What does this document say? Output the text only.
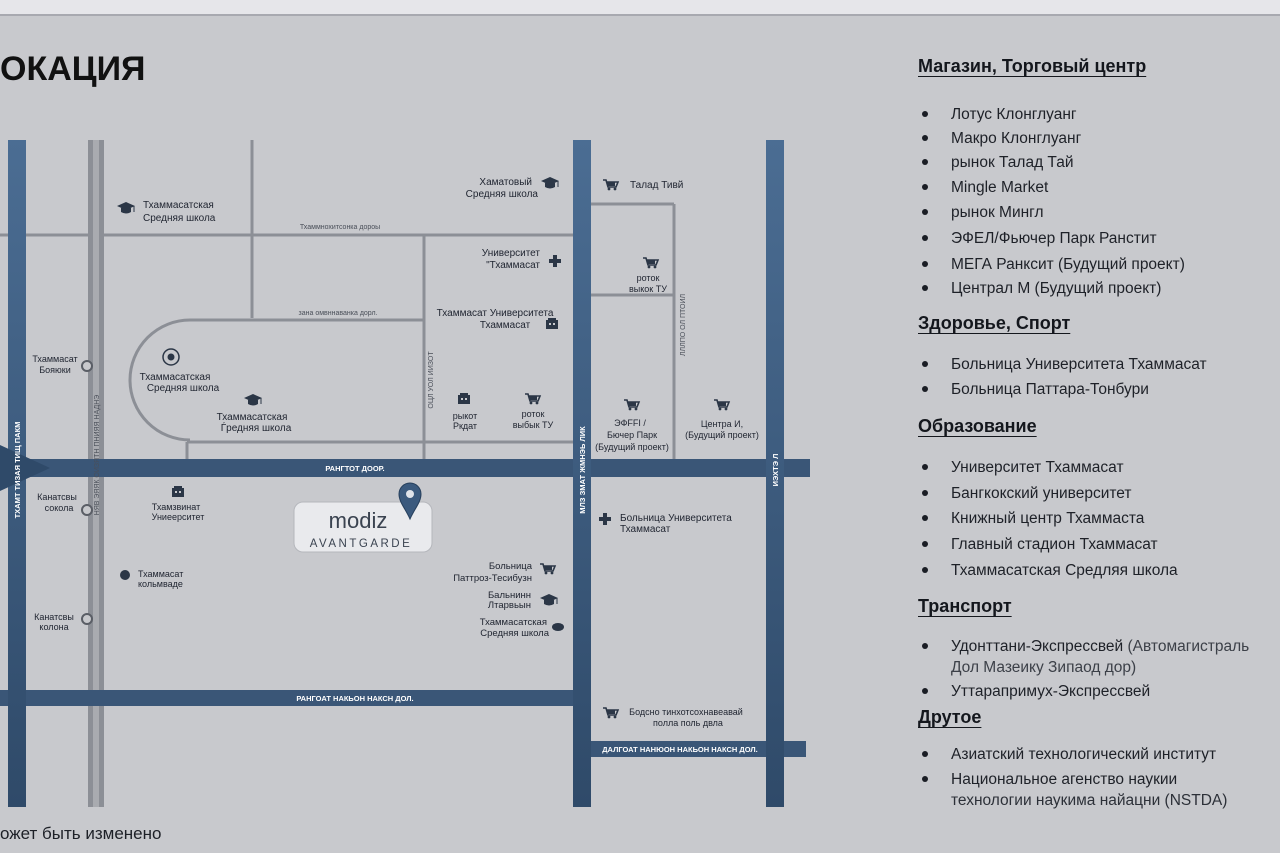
РАНГТОТ ДООР.
РАНГОАТ НАКЬОН НАКСН ДОЛ.
ДАЛГОАТ НАНЮОН НАКЬОН НАКСН ДОЛ.
ТХАМТ ТИЗАЯ ТИЩ ПАКМ	НЯВ ЭЯЯК ОИЗЯТН ПНИЯЯ НАДНЭ	МЛЗ ЗМАТ ЖМНЭЬ ЛИК	ИЭХТЭ Л
ОЦЛ УОЛ ИИЗОТ
ЛЛЛПО ОЛ ПТОИЛ
Тхаммнохитсонка дороы
зана омвннаванка дорл.
Тхаммасатская
Средняя школа
Хаматовый
Средняя школа
Талад Тивй
Университет
"Тхаммасат
роток
выкок ТУ
Тхаммасат Университета
Тхаммасат
Тхаммасатская
Средняя школа
Тхаммасатская
Ѓредняя школа
рыкот
Ркдат
роток
выбык ТУ	ЭФFFI /
Бючер Парк
(Будущий проект)
Центра И,
(Будущий проект)
Тхаммасат
Бояюки
Канатсвы
сокола
Канатсвы
колона
Тхамзвинат
Униеерситет
Тхаммасат
кольмваде
Больница Университета
Тхаммасат
Больница
Паттроз-Тесибузн
Бальнинн
Лтарвьын
Тхаммасатская
Средняя школа
Бодсно тинхотсохнавеавай
полла поль двла
modiz
AVANTGARDE
ОКАЦИЯ
ожет быть изменено
Магазин, Торговый центр
Лотус Клонглуанг
Макро Клонглуанг
рынок Талад Тай
Mingle Market
рынок Мингл
ЭФЕЛ/Фьючер Парк Ранстит
МЕГА Ранксит (Будущий проект)
Централ М (Будущий проект)
Здоровье, Спорт
Больница Университета Тхаммасат
Больница Паттара-Тонбури
Образование
Университет Тхаммасат
Бангкокский университет
Книжный центр Тхаммаста
Главный стадион Тхаммасат
Тхаммасатская Средляя школа
Транспорт
Удонттани-Экспрессвей (Автомагистраль
Дол Мазеику Зипаод дор)
Уттарапримух-Экспрессвей
Друтое
Азиатский технологический институт
Национальное агенство наукии
технологии наукима найацни (NSTDA)
